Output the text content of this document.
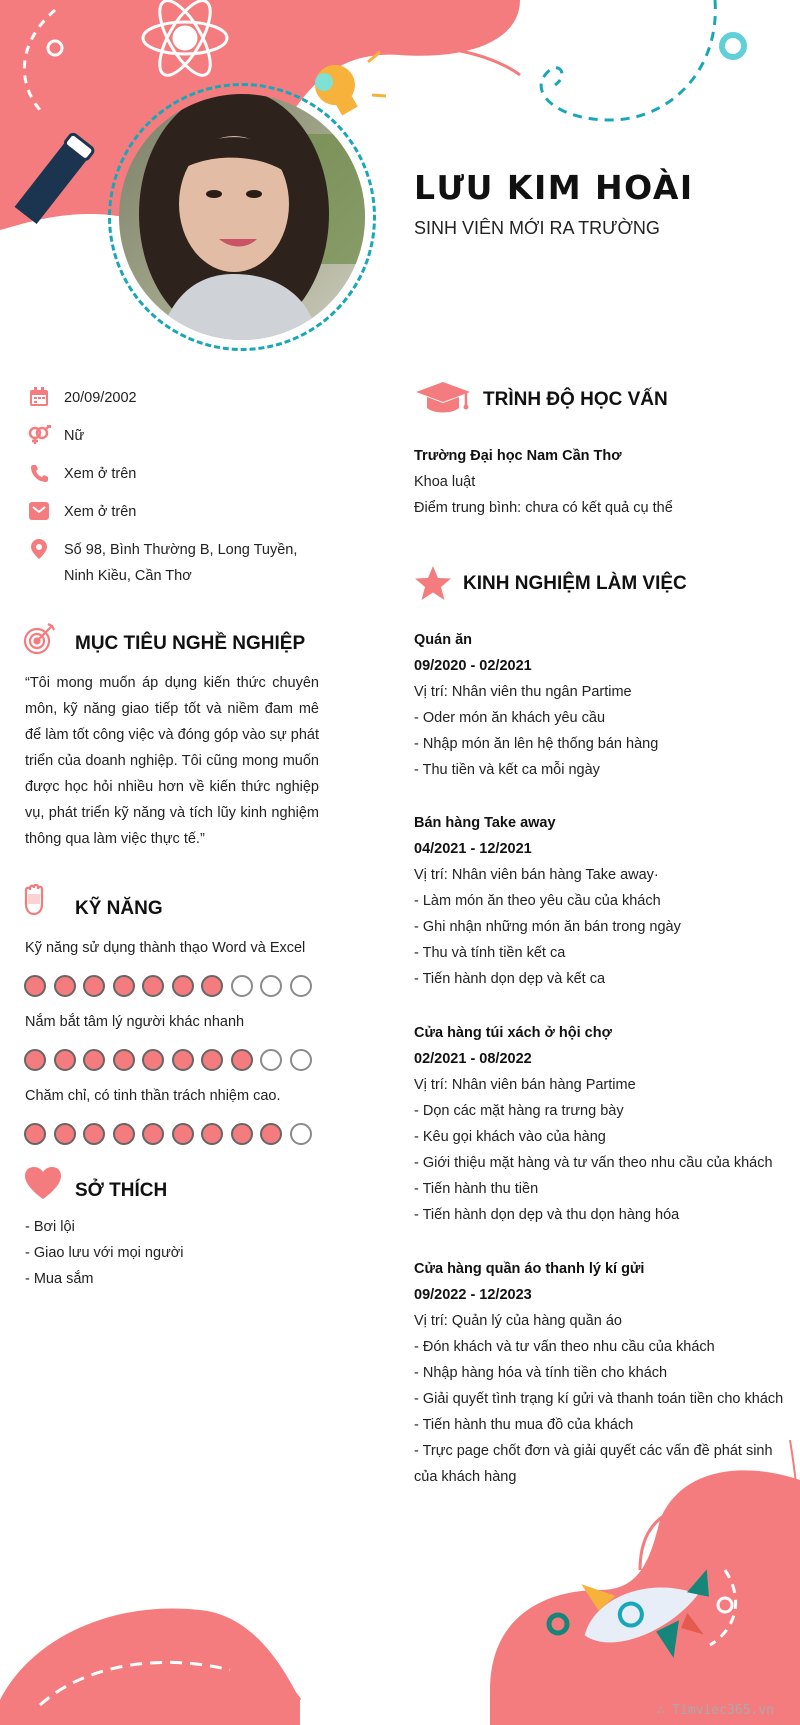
LƯU KIM HOÀI
SINH VIÊN MỚI RA TRƯỜNG
20/09/2002
Nữ
Xem ở trên
Xem ở trên
Số 98, Bình Thường B, Long Tuyền, Ninh Kiều, Cần Thơ
MỤC TIÊU NGHỀ NGHIỆP
“Tôi mong muốn áp dụng kiến thức chuyên môn, kỹ năng giao tiếp tốt và niềm đam mê để làm tốt công việc và đóng góp vào sự phát triển của doanh nghiệp. Tôi cũng mong muốn được học hỏi nhiều hơn về kiến thức nghiệp vụ, phát triển kỹ năng và tích lũy kinh nghiệm thông qua làm việc thực tế.”
KỸ NĂNG
Kỹ năng sử dụng thành thạo Word và Excel
Nắm bắt tâm lý người khác nhanh
Chăm chỉ, có tinh thần trách nhiệm cao.
SỞ THÍCH
- Bơi lội
- Giao lưu với mọi người
- Mua sắm
TRÌNH ĐỘ HỌC VẤN
Trường Đại học Nam Cần Thơ
Khoa luật
Điểm trung bình: chưa có kết quả cụ thể
KINH NGHIỆM LÀM VIỆC
Quán ăn
09/2020 - 02/2021
Vị trí: Nhân viên thu ngân Partime
- Oder món ăn khách yêu cầu
- Nhập món ăn lên hệ thống bán hàng
- Thu tiền và kết ca mỗi ngày
Bán hàng Take away
04/2021 - 12/2021
Vị trí: Nhân viên bán hàng Take away·
- Làm món ăn theo yêu cầu của khách
- Ghi nhận những món ăn bán trong ngày
- Thu và tính tiền kết ca
- Tiến hành dọn dẹp và kết ca
Cửa hàng túi xách ở hội chợ
02/2021 - 08/2022
Vị trí: Nhân viên bán hàng Partime
- Dọn các mặt hàng ra trưng bày
- Kêu gọi khách vào của hàng
- Giới thiệu mặt hàng và tư vấn theo nhu cầu của khách
- Tiến hành thu tiền
- Tiến hành dọn dẹp và thu dọn hàng hóa
Cửa hàng quần áo thanh lý kí gửi
09/2022 - 12/2023
Vị trí: Quản lý của hàng quần áo
- Đón khách và tư vấn theo nhu cầu của khách
- Nhập hàng hóa và tính tiền cho khách
- Giải quyết tình trạng kí gửi và thanh toán tiền cho khách
- Tiến hành thu mua đồ của khách
- Trực page chốt đơn và giải quyết các vấn đề phát sinh của khách hàng
∴ Timviec365.vn
